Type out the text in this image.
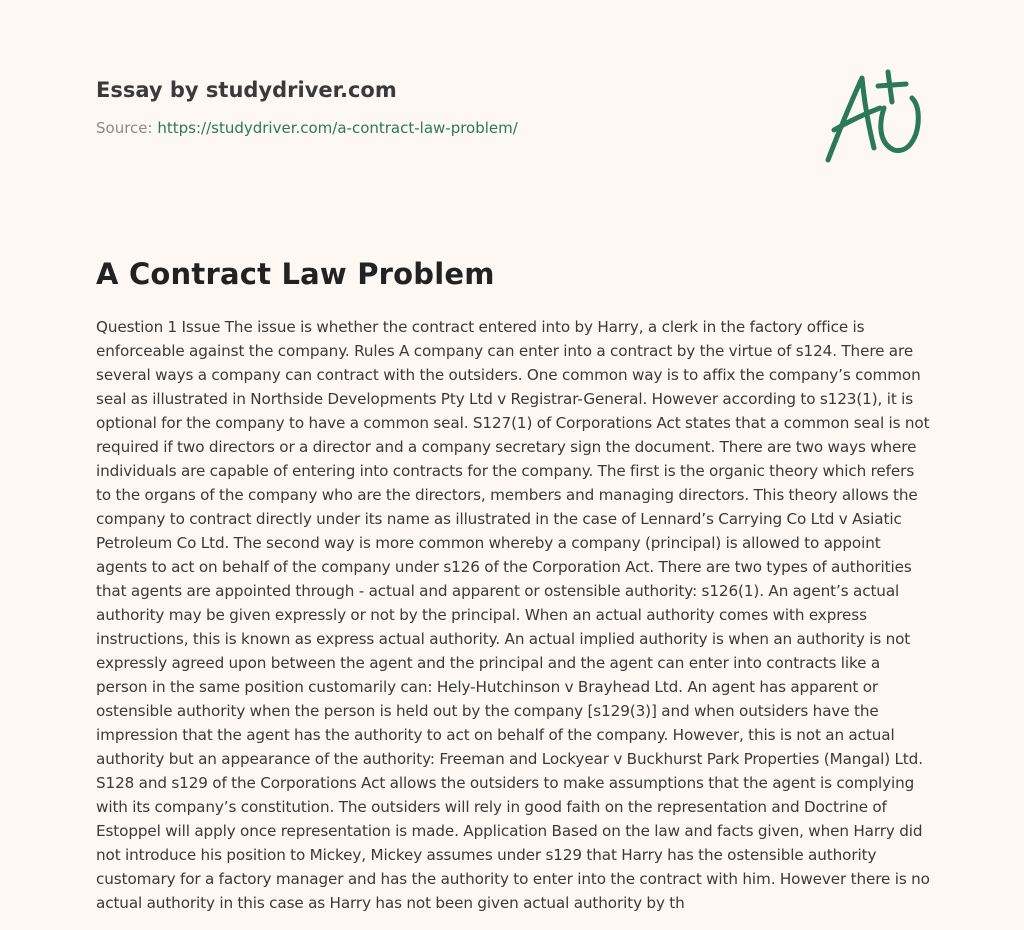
Essay by studydriver.com
Source: https://studydriver.com/a-contract-law-problem/
A Contract Law Problem

Question 1 Issue The issue is whether the contract entered into by Harry, a clerk in the factory office is enforceable against the company. Rules A company can enter into a contract by the virtue of s124. There are several ways a company can contract with the outsiders. One common way is to affix the company’s common seal as illustrated in Northside Developments Pty Ltd v Registrar-General. However according to s123(1), it is optional for the company to have a common seal. S127(1) of Corporations Act states that a common seal is not required if two directors or a director and a company secretary sign the document. There are two ways where individuals are capable of entering into contracts for the company. The first is the organic theory which refers to the organs of the company who are the directors, members and managing directors. This theory allows the company to contract directly under its name as illustrated in the case of Lennard’s Carrying Co Ltd v Asiatic Petroleum Co Ltd. The second way is more common whereby a company (principal) is allowed to appoint agents to act on behalf of the company under s126 of the Corporation Act. There are two types of authorities that agents are appointed through - actual and apparent or ostensible authority: s126(1). An agent’s actual authority may be given expressly or not by the principal. When an actual authority comes with express instructions, this is known as express actual authority. An actual implied authority is when an authority is not expressly agreed upon between the agent and the principal and the agent can enter into contracts like a person in the same position customarily can: Hely-Hutchinson v Brayhead Ltd. An agent has apparent or ostensible authority when the person is held out by the company [s129(3)] and when outsiders have the impression that the agent has the authority to act on behalf of the company. However, this is not an actual authority but an appearance of the authority: Freeman and Lockyear v Buckhurst Park Properties (Mangal) Ltd. S128 and s129 of the Corporations Act allows the outsiders to make assumptions that the agent is complying with its company’s constitution. The outsiders will rely in good faith on the representation and Doctrine of Estoppel will apply once representation is made. Application Based on the law and facts given, when Harry did not introduce his position to Mickey, Mickey assumes under s129 that Harry has the ostensible authority customary for a factory manager and has the authority to enter into the contract with him. However there is no actual authority in this case as Harry has not been given actual authority by th
